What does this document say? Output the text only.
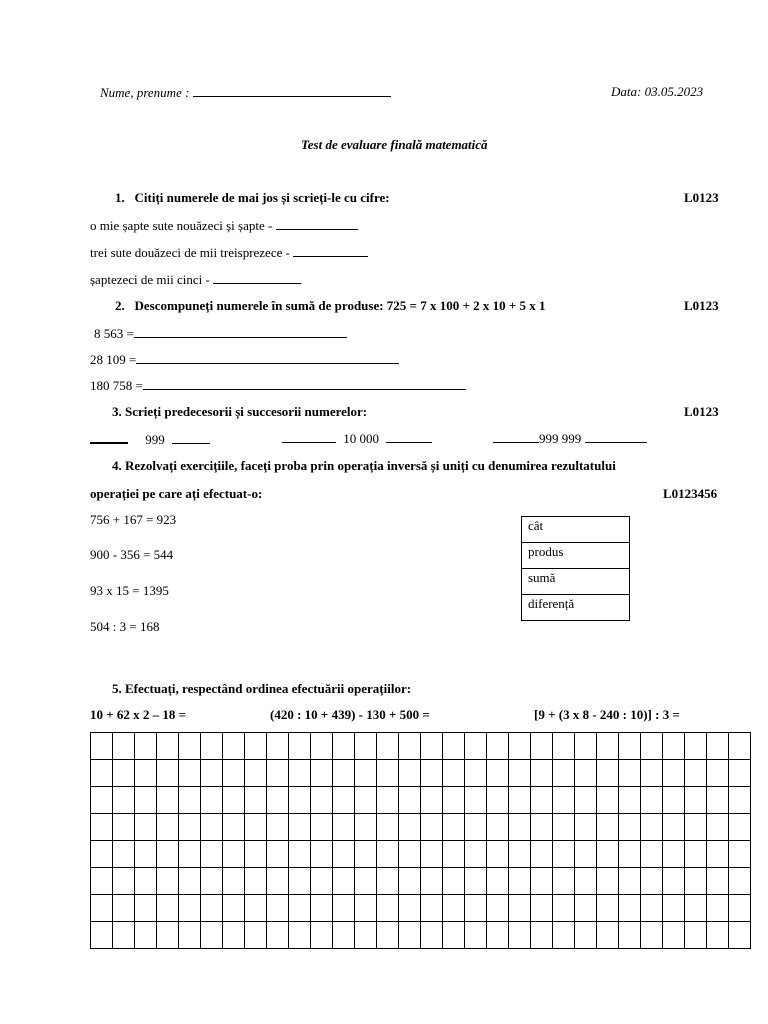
Nume, prenume :	Data: 03.05.2023
Test de evaluare finală matematică
1. Citiți numerele de mai jos și scrieți-le cu cifre:	L0123
o mie șapte sute nouăzeci și șapte -
trei sute douăzeci de mii treisprezece -
șaptezeci de mii cinci -
2. Descompuneți numerele în sumă de produse: 725 = 7 x 100 + 2 x 10 + 5 x 1	L0123
8 563 =
28 109 =
180 758 =
3. Scrieți predecesorii și succesorii numerelor:	L0123
999	10 000	999 999
4. Rezolvați exercițiile, faceți proba prin operația inversă și uniți cu denumirea rezultatului
operației pe care ați efectuat-o:	L0123456
756 + 167 = 923
900 - 356 = 544
93 x 15 = 1395
504 : 3 = 168
cât
produs
sumă
diferență
5. Efectuați, respectând ordinea efectuării operațiilor:
10 + 62 x 2 – 18 =	(420 : 10 + 439) - 130 + 500 =	[9 + (3 x 8 - 240 : 10)] : 3 =
